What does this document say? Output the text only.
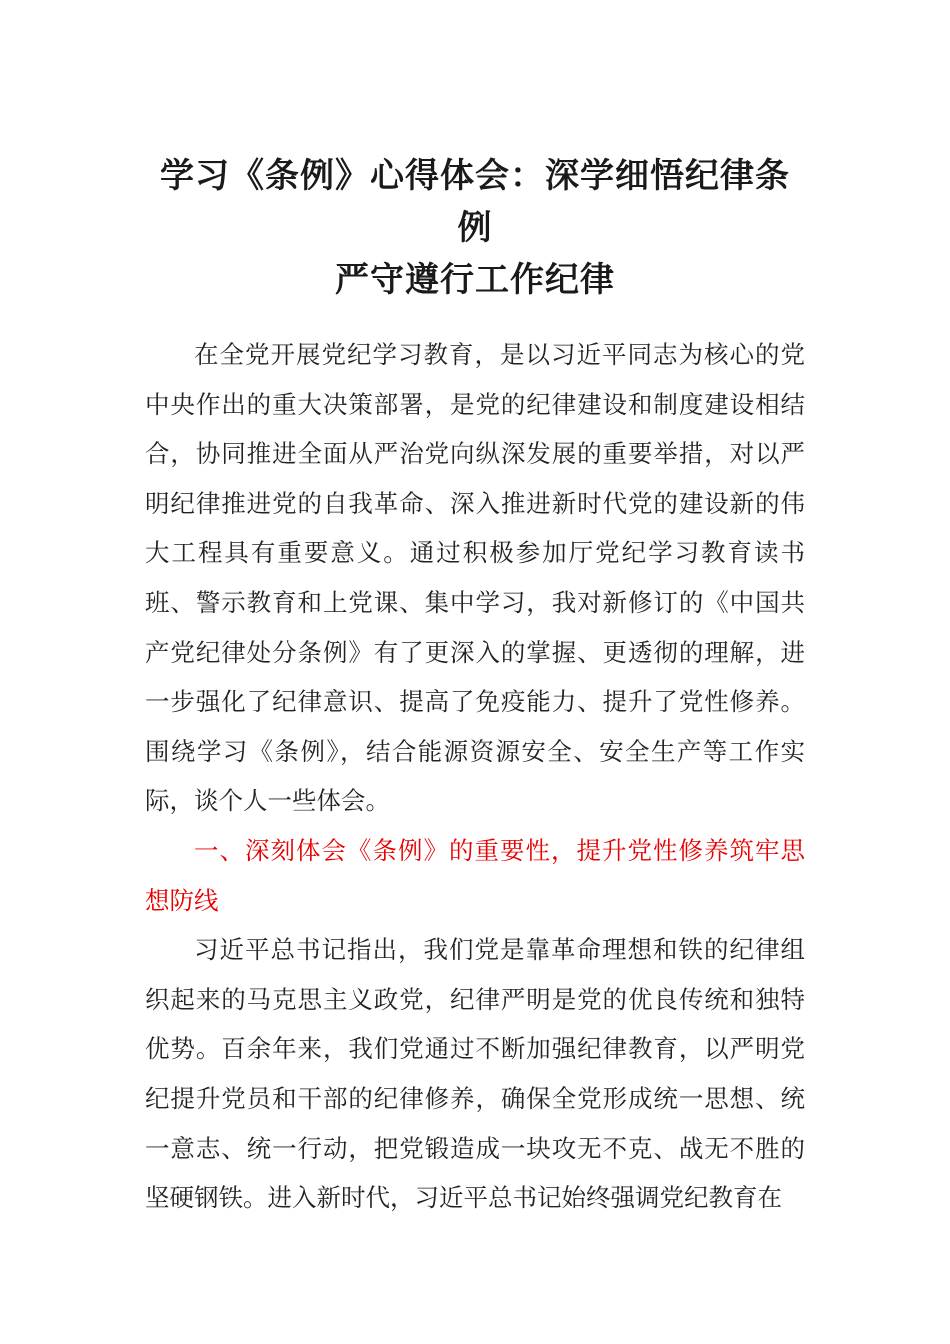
学习《条例》心得体会：深学细悟纪律条例
严守遵行工作纪律

在全党开展党纪学习教育，是以习近平同志为核心的党中央作出的重大决策部署，是党的纪律建设和制度建设相结合，协同推进全面从严治党向纵深发展的重要举措，对以严明纪律推进党的自我革命、深入推进新时代党的建设新的伟大工程具有重要意义。通过积极参加厅党纪学习教育读书班、警示教育和上党课、集中学习，我对新修订的《中国共产党纪律处分条例》有了更深入的掌握、更透彻的理解，进一步强化了纪律意识、提高了免疫能力、提升了党性修养。围绕学习《条例》，结合能源资源安全、安全生产等工作实际，谈个人一些体会。

一、深刻体会《条例》的重要性，提升党性修养筑牢思想防线

习近平总书记指出，我们党是靠革命理想和铁的纪律组织起来的马克思主义政党，纪律严明是党的优良传统和独特优势。百余年来，我们党通过不断加强纪律教育，以严明党纪提升党员和干部的纪律修养，确保全党形成统一思想、统一意志、统一行动，把党锻造成一块攻无不克、战无不胜的坚硬钢铁。进入新时代，习近平总书记始终强调党纪教育在
